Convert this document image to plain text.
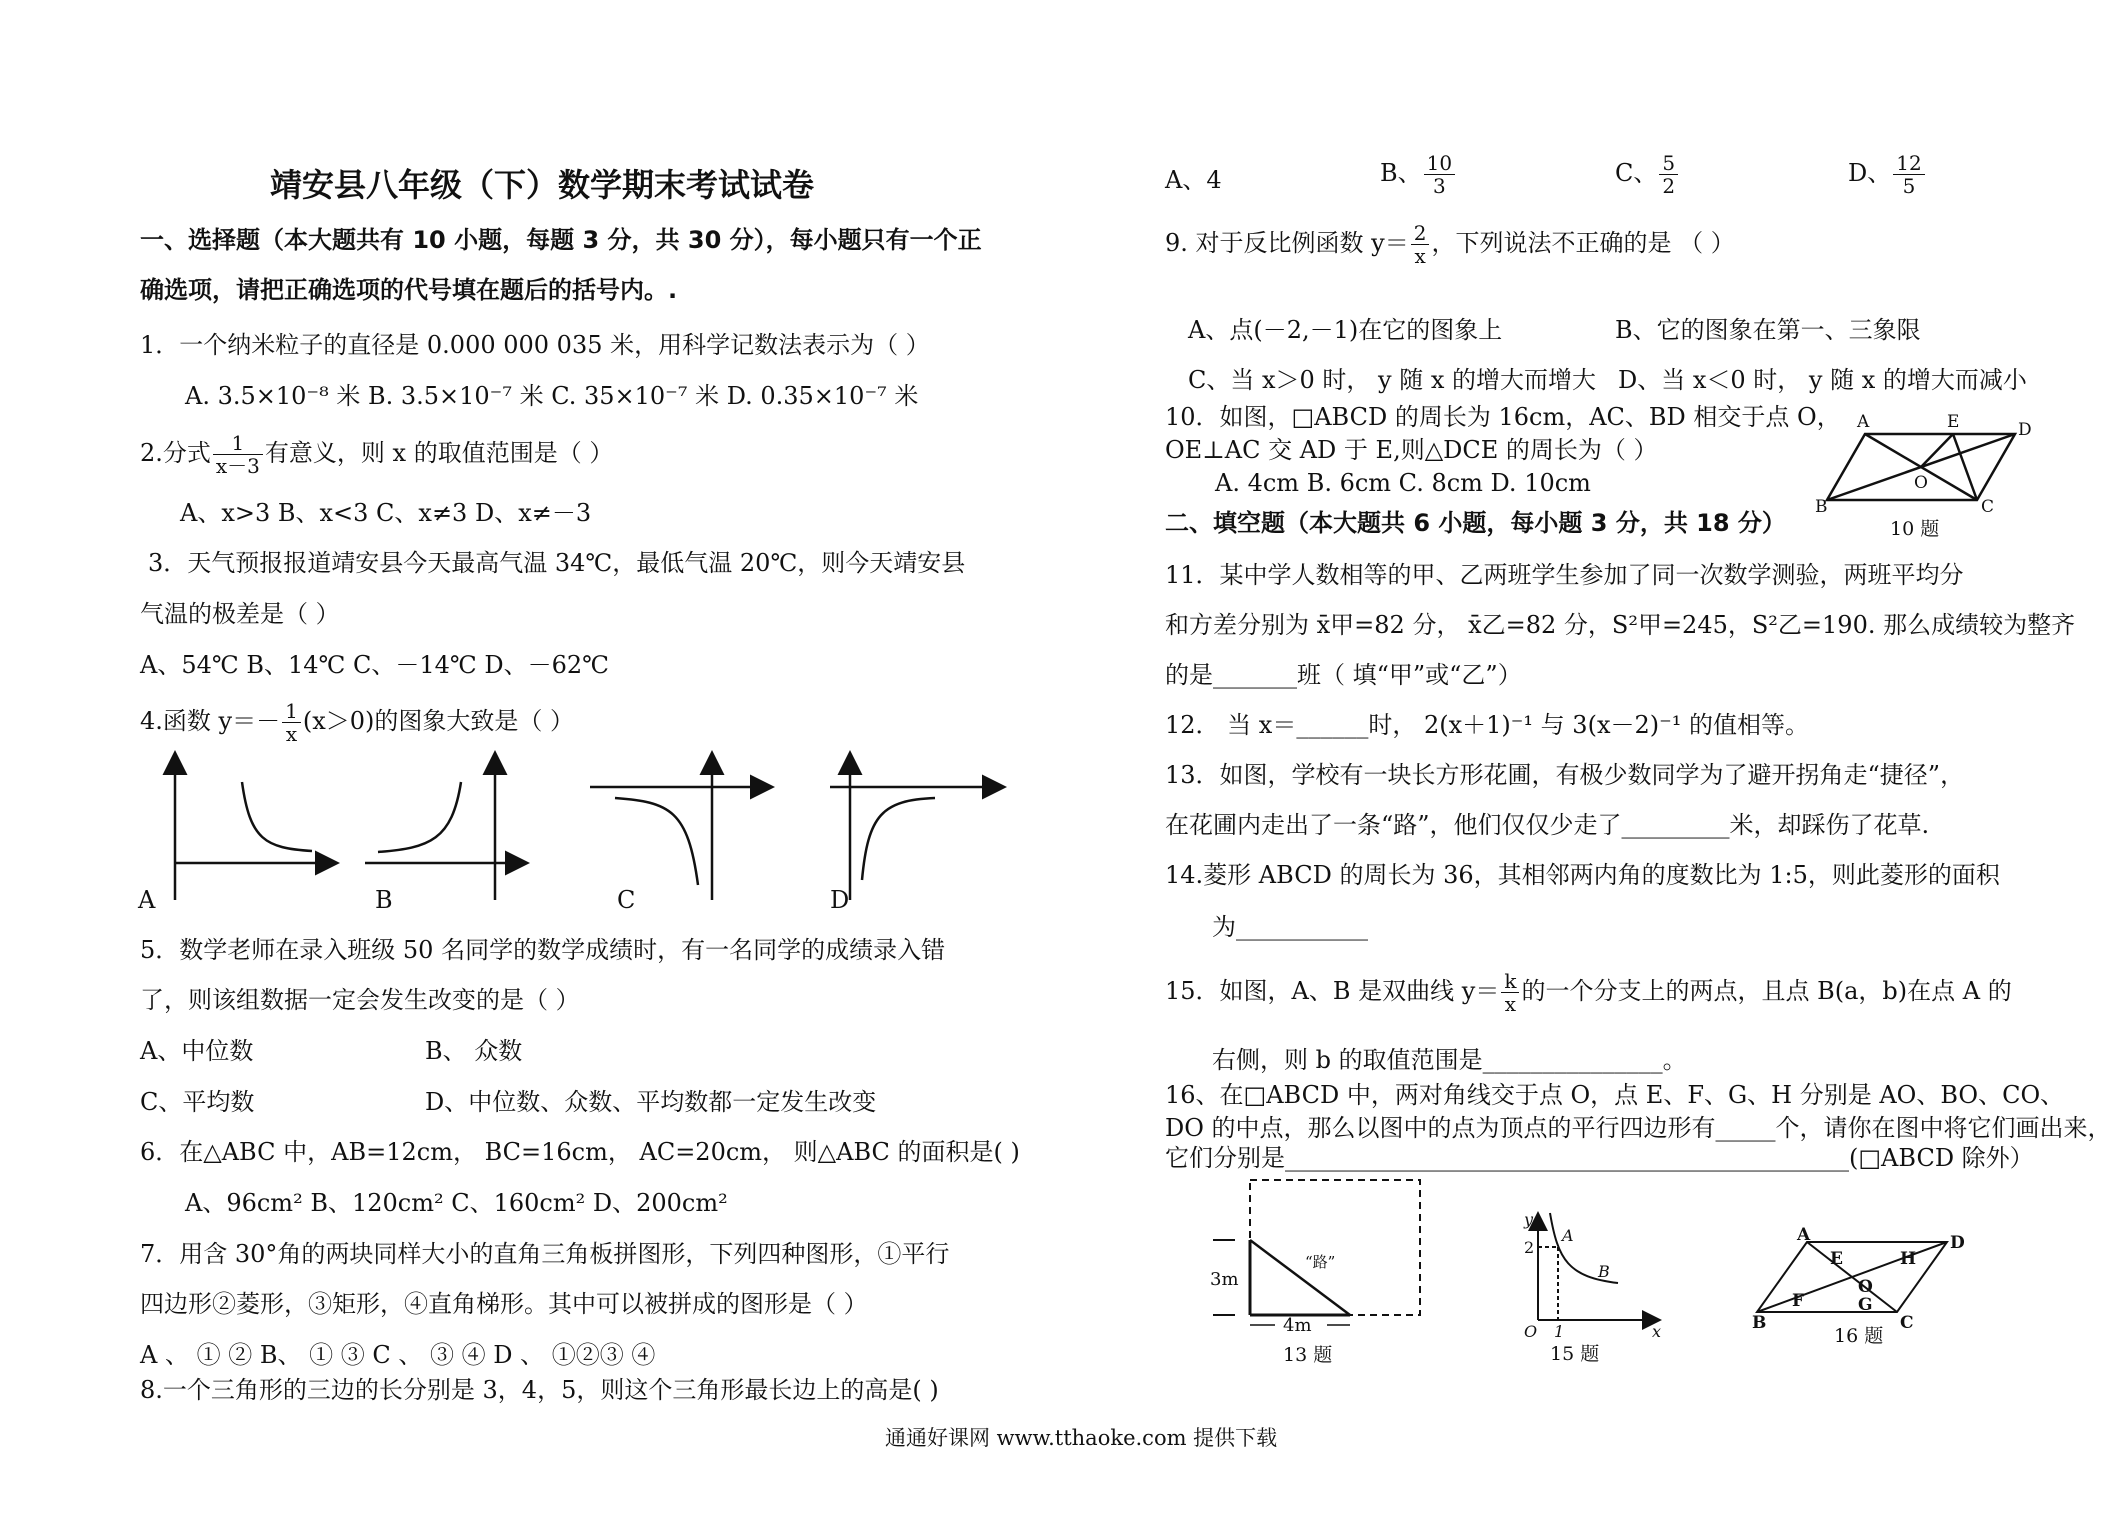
靖安县八年级（下）数学期末考试试卷
一、选择题（本大题共有 10 小题，每题 3 分，共 30 分），每小题只有一个正
确选项，请把正确选项的代号填在题后的括号内。.
1．一个纳米粒子的直径是 0.000 000 035 米，用科学记数法表示为（ ）
A. 3.5×10⁻⁸ 米 B. 3.5×10⁻⁷ 米 C. 35×10⁻⁷ 米 D. 0.35×10⁻⁷ 米
2.分式 $\frac{1}{x-3}$ 有意义，则 x 的取值范围是（ ）
A、x>3 B、x<3 C、x≠3 D、x≠－3
3．天气预报报道靖安县今天最高气温 34℃，最低气温 20℃，则今天靖安县
气温的极差是（ ）
A、54℃ B、14℃ C、－14℃ D、－62℃
4.函数 $y=- \frac{1}{x} (x>0)$的图象大致是（ ）
A	B	C	D
5．数学老师在录入班级 50 名同学的数学成绩时，有一名同学的成绩录入错
了，则该组数据一定会发生改变的是（ ）
A、中位数	B、 众数
C、平均数	D、中位数、众数、平均数都一定发生改变
6．在△ABC 中，AB=12cm， BC=16cm， AC=20cm， 则△ABC 的面积是( )
A、96cm² B、120cm² C、160cm² D、200cm²
7．用含 30°角的两块同样大小的直角三角板拼图形，下列四种图形，①平行
四边形②菱形，③矩形，④直角梯形。其中可以被拼成的图形是（ ）
A 、 ① ② B、 ① ③ C 、 ③ ④ D 、 ①②③ ④
8.一个三角形的三边的长分别是 3，4，5，则这个三角形最长边上的高是( )
A、4	B、 $\frac{10}{3}$	C、 $\frac{5}{2}$	D、 $\frac{12}{5}$
9. 对于反比例函数 $y= \frac{2}{x}$ ，下列说法不正确的是 （ ）
A、点(－2,－1)在它的图象上	B、它的图象在第一、三象限
C、当 x＞0 时， y 随 x 的增大而增大 D、当 x＜0 时， y 随 x 的增大而减小
10．如图，□ABCD 的周长为 16cm，AC、BD 相交于点 O，
OE⊥AC 交 AD 于 E,则△DCE 的周长为（ ）
A. 4cm B. 6cm C. 8cm D. 10cm
A	E	D
B	C
O
10 题
二、填空题（本大题共 6 小题，每小题 3 分，共 18 分）
11．某中学人数相等的甲、乙两班学生参加了同一次数学测验，两班平均分
和方差分别为 x̄甲=82 分， x̄乙=82 分，S²甲=245，S²乙=190. 那么成绩较为整齐
的是_______班（ 填“甲”或“乙”）
12． 当 x＝______时， 2(x＋1)⁻¹ 与 3(x－2)⁻¹ 的值相等。
13．如图，学校有一块长方形花圃，有极少数同学为了避开拐角走“捷径”，
在花圃内走出了一条“路”，他们仅仅少走了_________米，却踩伤了花草.
14.菱形 ABCD 的周长为 36，其相邻两内角的度数比为 1:5，则此菱形的面积
为___________
15．如图，A、B 是双曲线 $y= \frac{k}{x}$ 的一个分支上的两点，且点 B(a，b)在点 A 的
右侧，则 b 的取值范围是_______________。
16、在□ABCD 中，两对角线交于点 O，点 E、F、G、H 分别是 AO、BO、CO、
DO 的中点，那么以图中的点为顶点的平行四边形有_____个，请你在图中将它们画出来，
它们分别是_______________________________________________(□ABCD 除外）
3m
4m
“路”
13 题
y
2
A
B
O 1	x
15 题
A
E	H
D
O
F	G
B	C
16 题
通通好课网 www.tthaoke.com 提供下载
